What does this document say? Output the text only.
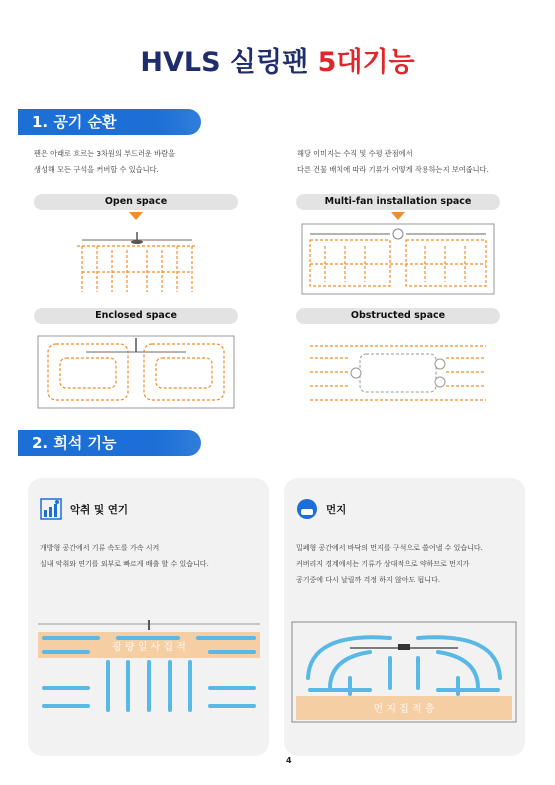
HVLS 실링팬 5대기능
1. 공기 순환
팬은 아래로 흐르는 3차원의 부드러운 바람을
생성해 모든 구석을 커버할 수 있습니다.
해당 이미지는 수직 및 수평 관점에서
다른 건물 배치에 따라 기류가 어떻게 작용하는지 보여줍니다.
Open space	Multi-fan installation space
Enclosed space	Obstructed space
2. 희석 기능
악취 및 연기
개방형 공간에서 기류 속도를 가속 시켜
실내 악취와 연기를 외부로 빠르게 배출 할 수 있습니다.
광 량 일 사 집 적
먼지
밀폐형 공간에서 바닥의 먼지를 구석으로 쓸어낼 수 있습니다.
커버리지 경계에서는 기류가 상대적으로 약하므로 먼지가
공기중에 다시 날릴까 걱정 하지 않아도 됩니다.
먼 지 집 적 층
4
